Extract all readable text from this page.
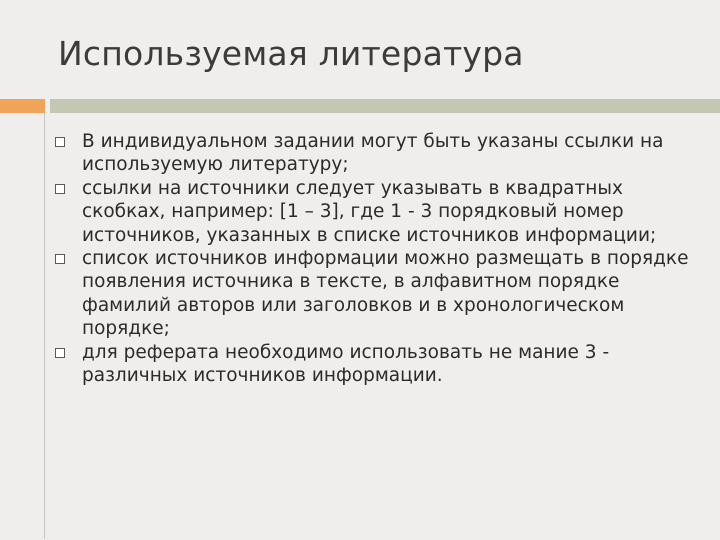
Используемая литература
В индивидуальном задании могут быть указаны ссылки на используемую литературу;
ссылки на источники следует указывать в квадратных скобках, например: [1 – 3], где 1 - 3 порядковый номер источников, указанных в списке источников информации;
список источников информации можно размещать в порядке появления источника в тексте, в алфавитном порядке фамилий авторов или заголовков и в хронологическом порядке;
для реферата необходимо использовать не мание 3 - различных источников информации.
